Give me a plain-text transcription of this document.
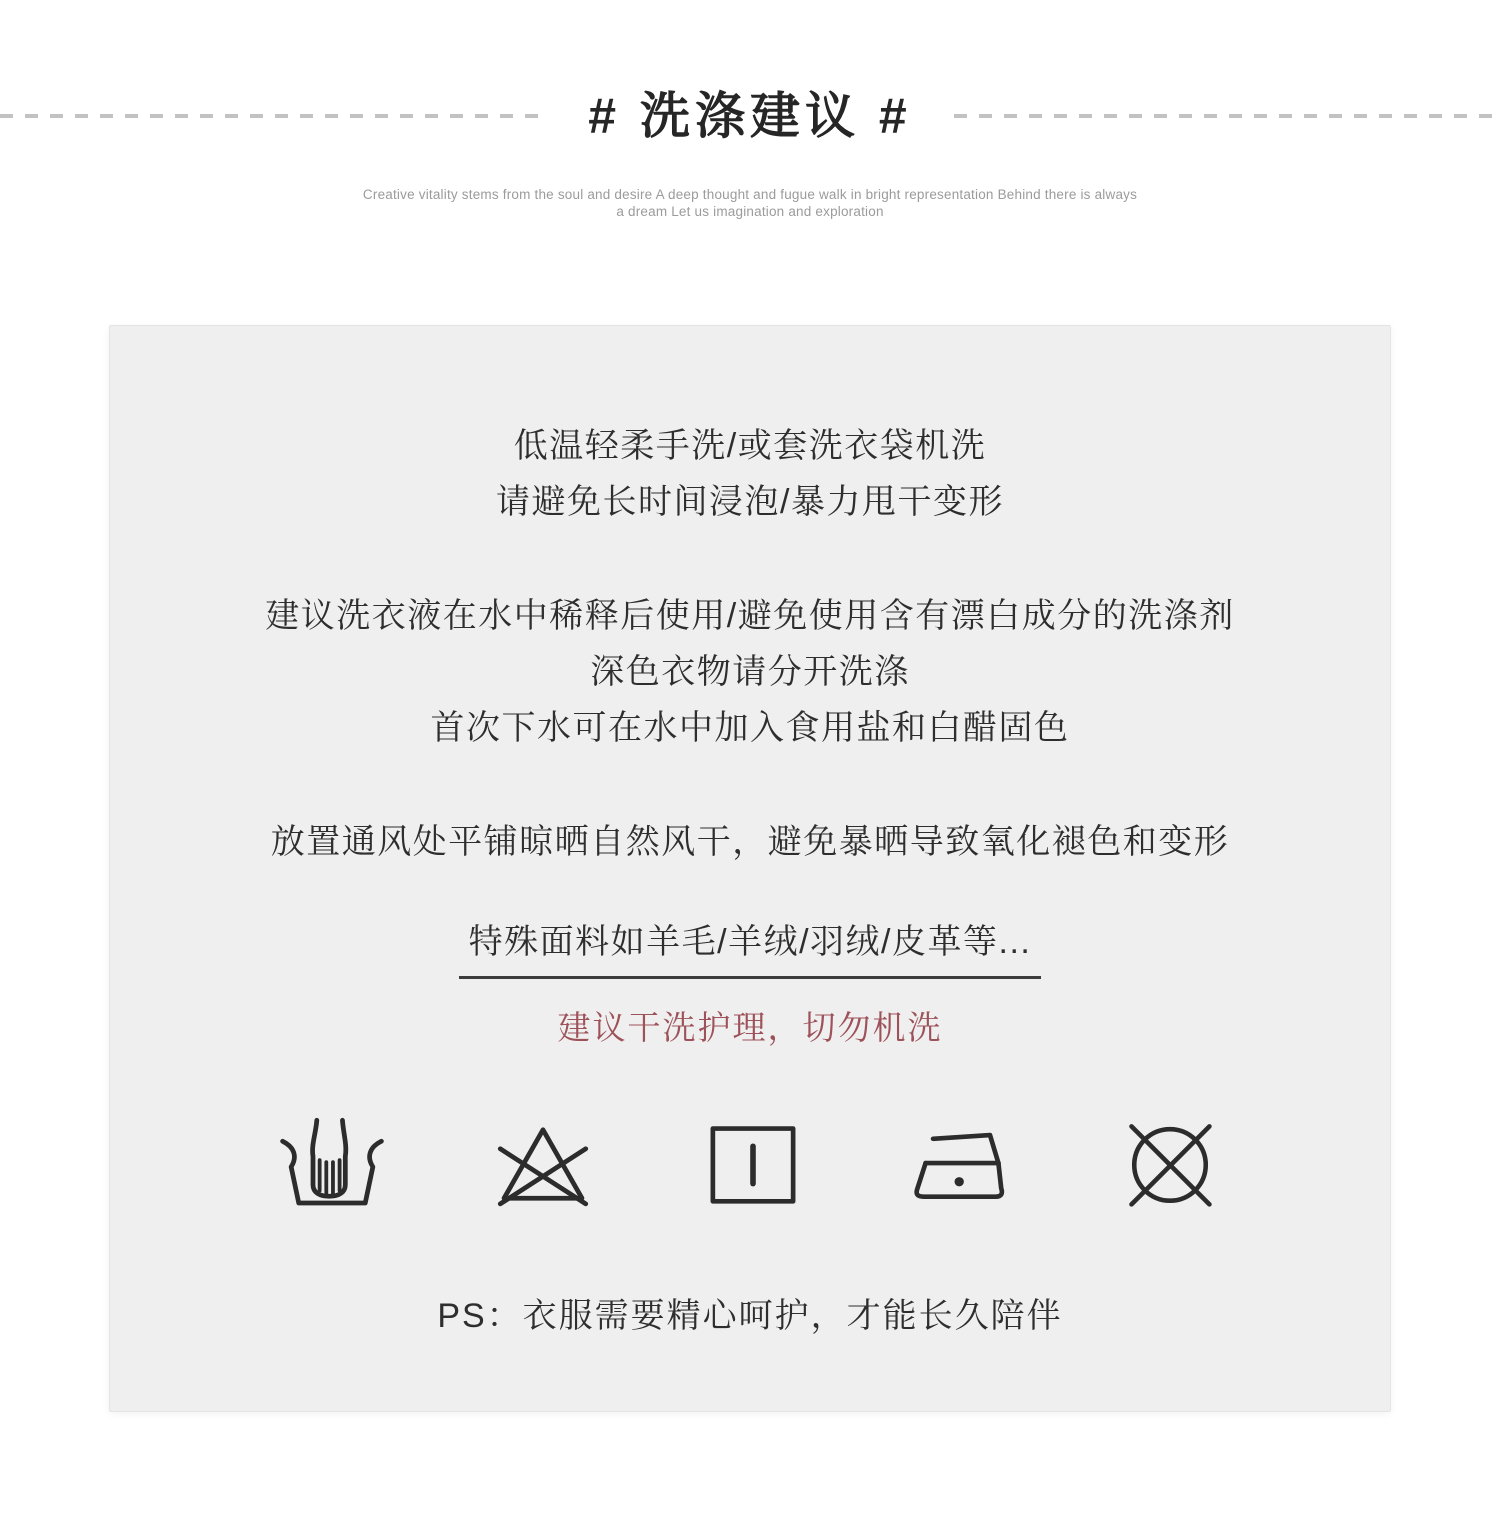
# 洗涤建议 #
Creative vitality stems from the soul and desire A deep thought and fugue walk in bright representation Behind there is always
a dream Let us imagination and exploration
低温轻柔手洗/或套洗衣袋机洗
请避免长时间浸泡/暴力甩干变形
建议洗衣液在水中稀释后使用/避免使用含有漂白成分的洗涤剂
深色衣物请分开洗涤
首次下水可在水中加入食用盐和白醋固色
放置通风处平铺晾晒自然风干，避免暴晒导致氧化褪色和变形
特殊面料如羊毛/羊绒/羽绒/皮革等...
建议干洗护理，切勿机洗
PS：衣服需要精心呵护，才能长久陪伴
